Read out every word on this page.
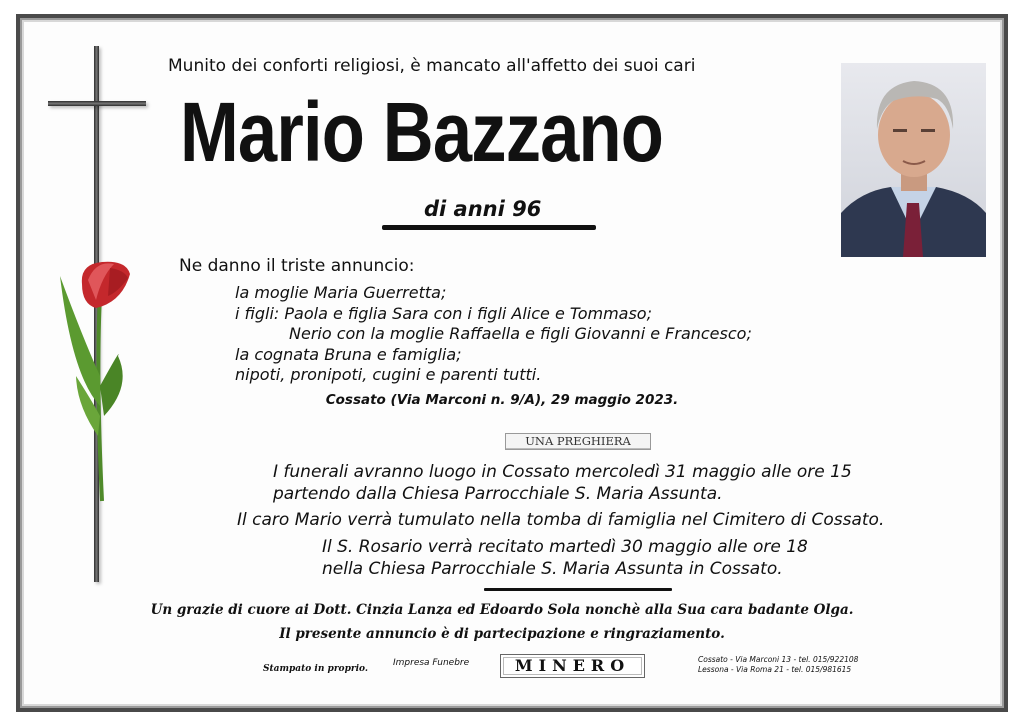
Munito dei conforti religiosi, è mancato all'affetto dei suoi cari
Mario Bazzano
di anni 96
Ne danno il triste annuncio:
la moglie Maria Guerretta;
i figli: Paola e figlia Sara con i figli Alice e Tommaso;
Nerio con la moglie Raffaella e figli Giovanni e Francesco;
la cognata Bruna e famiglia;
nipoti, pronipoti, cugini e parenti tutti.
Cossato (Via Marconi n. 9/A), 29 maggio 2023.
UNA PREGHIERA
I funerali avranno luogo in Cossato mercoledì 31 maggio alle ore 15
partendo dalla Chiesa Parrocchiale S. Maria Assunta.
Il caro Mario verrà tumulato nella tomba di famiglia nel Cimitero di Cossato.
Il S. Rosario verrà recitato martedì 30 maggio alle ore 18
nella Chiesa Parrocchiale S. Maria Assunta in Cossato.
Un grazie di cuore ai Dott. Cinzia Lanza ed Edoardo Sola nonchè alla Sua cara badante Olga.
Il presente annuncio è di partecipazione e ringraziamento.
Stampato in proprio.
Impresa Funebre	MINERO	Cossato - Via Marconi 13 - tel. 015/922108
Lessona - Via Roma 21 - tel. 015/981615
